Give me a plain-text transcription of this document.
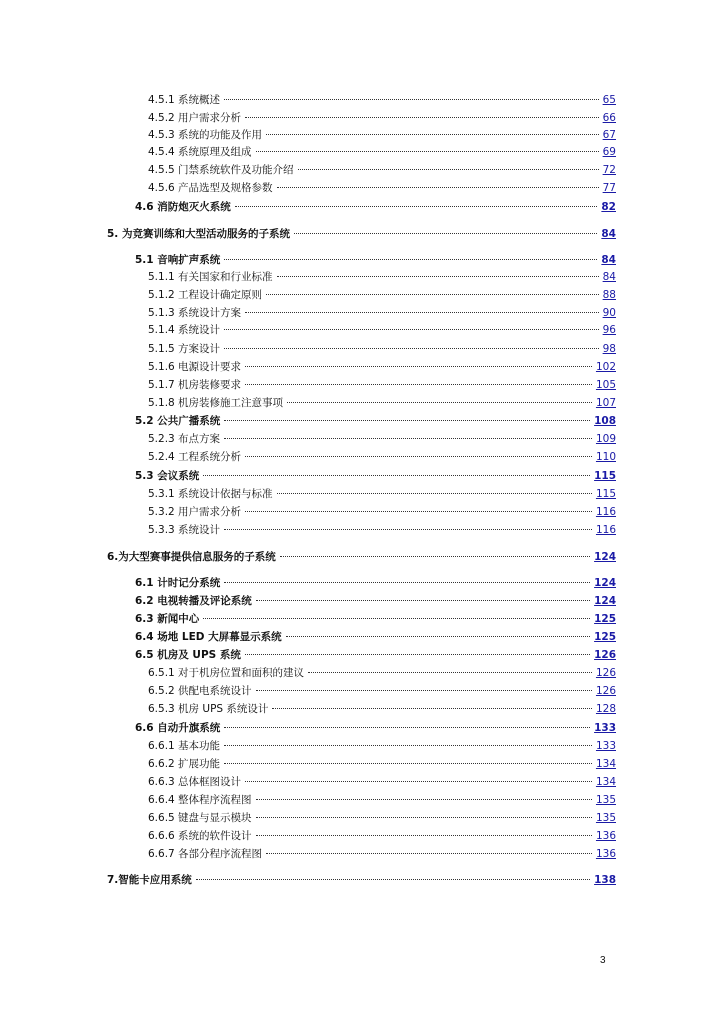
4.5.1 系统概述	65
4.5.2 用户需求分析	66
4.5.3 系统的功能及作用	67
4.5.4 系统原理及组成	69
4.5.5 门禁系统软件及功能介绍	72
4.5.6 产品选型及规格参数	77
4.6 消防炮灭火系统	82
5. 为竞赛训练和大型活动服务的子系统	84
5.1 音响扩声系统	84
5.1.1 有关国家和行业标准	84
5.1.2 工程设计确定原则	88
5.1.3 系统设计方案	90
5.1.4 系统设计	96
5.1.5 方案设计	98
5.1.6 电源设计要求	102
5.1.7 机房装修要求	105
5.1.8 机房装修施工注意事项	107
5.2 公共广播系统	108
5.2.3 布点方案	109
5.2.4 工程系统分析	110
5.3 会议系统	115
5.3.1 系统设计依据与标准	115
5.3.2 用户需求分析	116
5.3.3 系统设计	116
6.为大型赛事提供信息服务的子系统	124
6.1 计时记分系统	124
6.2 电视转播及评论系统	124
6.3 新闻中心	125
6.4 场地 LED 大屏幕显示系统	125
6.5 机房及 UPS 系统	126
6.5.1 对于机房位置和面积的建议	126
6.5.2 供配电系统设计	126
6.5.3 机房 UPS 系统设计	128
6.6 自动升旗系统	133
6.6.1 基本功能	133
6.6.2 扩展功能	134
6.6.3 总体框图设计	134
6.6.4 整体程序流程图	135
6.6.5 键盘与显示模块	135
6.6.6 系统的软件设计	136
6.6.7 各部分程序流程图	136
7.智能卡应用系统	138
3
